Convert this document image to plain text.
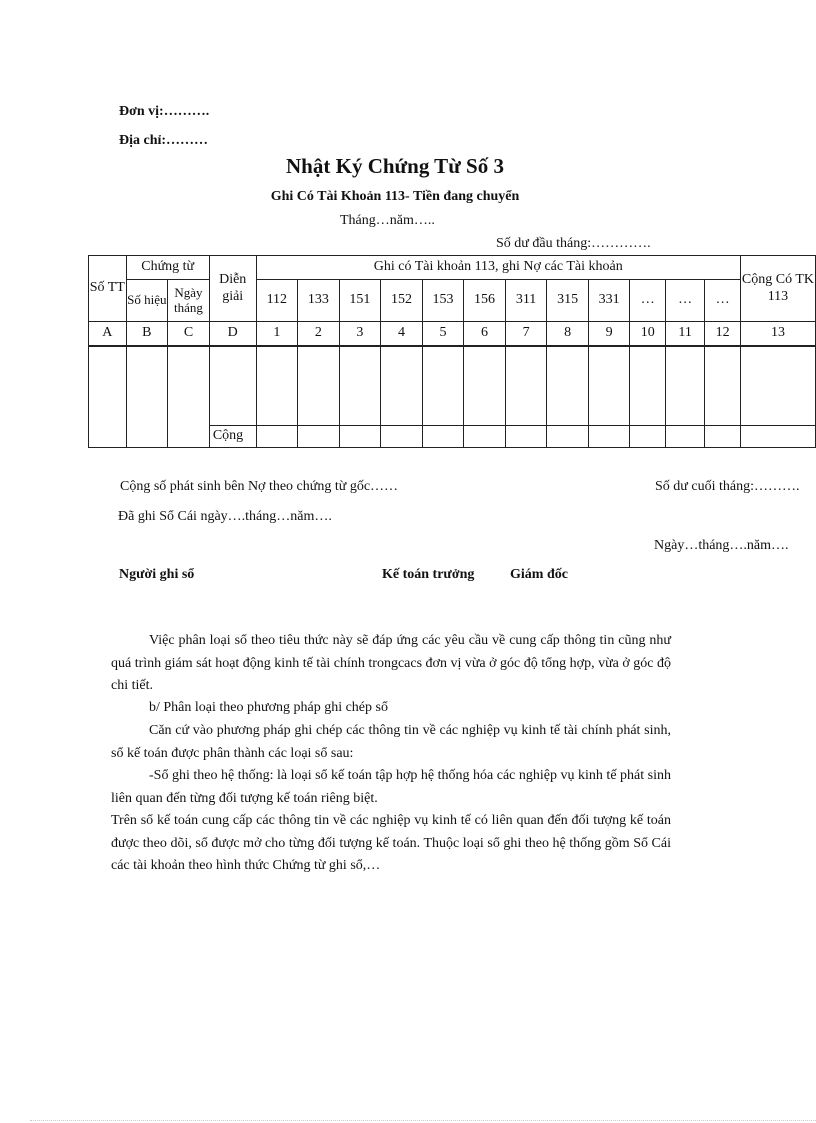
Đơn vị:……….
Địa chỉ:………
Nhật Ký Chứng Từ Số 3
Ghi Có Tài Khoản 113- Tiền đang chuyển
Tháng…năm…..
Số dư đầu tháng:………….
Số TT	Chứng từ		Diễn giải	Ghi có Tài khoản 113, ghi Nợ các Tài khoản												Cộng Có TK 113
	Số hiệu	Ngày tháng		112	133	151	152	153	156	311	315	331	…	…	…	

A	B	C	D	1	2	3	4	5	6	7	8	9	10	11	12	13

			Cộng													
Cộng số phát sinh bên Nợ theo chứng từ gốc……	Số dư cuối tháng:……….
Đã ghi Sổ Cái ngày….tháng…năm….
Ngày…tháng….năm….
Người ghi sổ	Kế toán trưởng	Giám đốc
Việc phân loại sổ theo tiêu thức này sẽ đáp ứng các yêu cầu về cung cấp thông tin cũng như quá trình giám sát hoạt động kinh tế tài chính trongcacs đơn vị vừa ở góc độ tổng hợp, vừa ở góc độ chi tiết.
b/ Phân loại theo phương pháp ghi chép sổ
Căn cứ vào phương pháp ghi chép các thông tin về các nghiệp vụ kinh tế tài chính phát sinh, sổ kế toán được phân thành các loại sổ sau:
-Sổ ghi theo hệ thống: là loại sổ kế toán tập hợp hệ thống hóa các nghiệp vụ kinh tế phát sinh liên quan đến từng đối tượng kế toán riêng biệt.
Trên sổ kế toán cung cấp các thông tin về các nghiệp vụ kinh tế có liên quan đến đối tượng kế toán được theo dõi, sổ được mở cho từng đối tượng kế toán. Thuộc loại sổ ghi theo hệ thống gồm Sổ Cái các tài khoản theo hình thức Chứng từ ghi sổ,…
